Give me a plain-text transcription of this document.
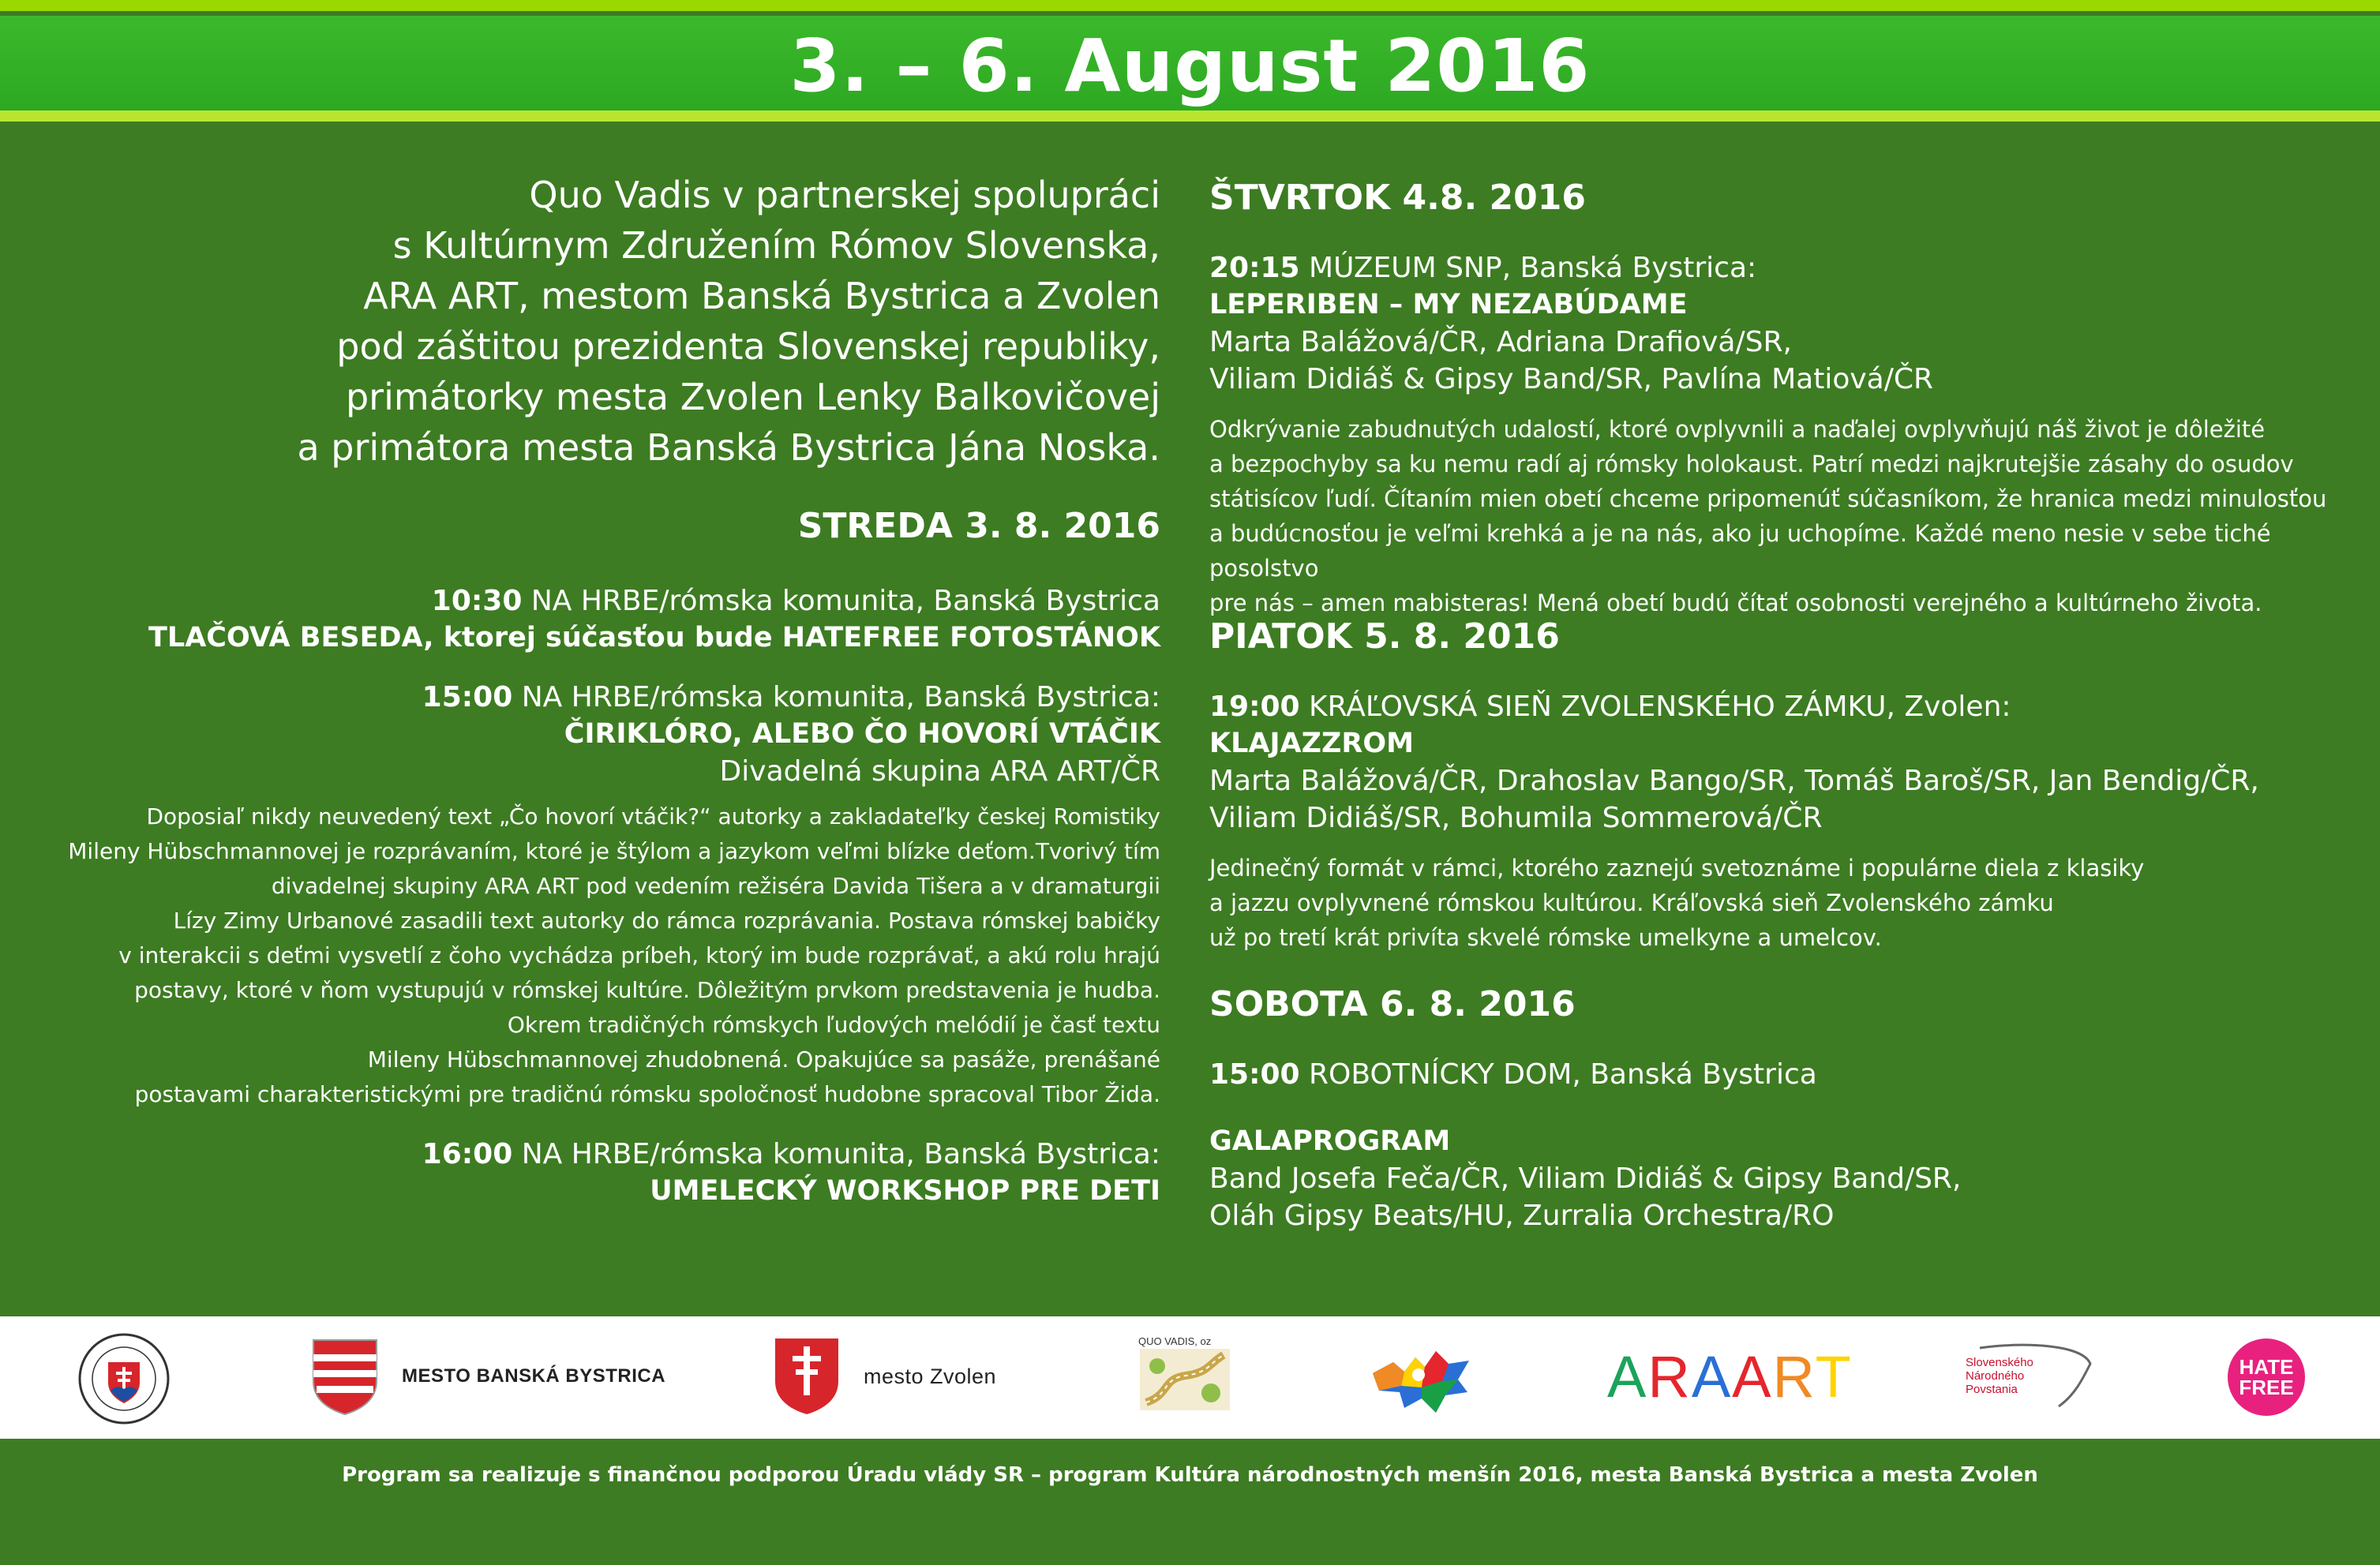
3. – 6. August 2016

Quo Vadis v partnerskej spolupráci

s Kultúrnym Združením Rómov Slovenska,

ARA ART, mestom Banská Bystrica a Zvolen

pod záštitou prezidenta Slovenskej republiky,

primátorky mesta Zvolen Lenky Balkovičovej

a primátora mesta Banská Bystrica Jána Noska.

STREDA 3. 8. 2016

10:30 NA HRBE/rómska komunita, Banská Bystrica

TLAČOVÁ BESEDA, ktorej súčasťou bude HATEFREE FOTOSTÁNOK

15:00 NA HRBE/rómska komunita, Banská Bystrica:

ČIRIKLÓRO, ALEBO ČO HOVORÍ VTÁČIK

Divadelná skupina ARA ART/ČR

Doposiaľ nikdy neuvedený text „Čo hovorí vtáčik?“ autorky a zakladateľky českej Romistiky

Mileny Hübschmannovej je rozprávaním, ktoré je štýlom a jazykom veľmi blízke deťom.Tvorivý tím

divadelnej skupiny ARA ART pod vedením režiséra Davida Tišera a v dramaturgii

Lízy Zimy Urbanové zasadili text autorky do rámca rozprávania. Postava rómskej babičky

v interakcii s deťmi vysvetlí z čoho vychádza príbeh, ktorý im bude rozprávať, a akú rolu hrajú

postavy, ktoré v ňom vystupujú v rómskej kultúre. Dôležitým prvkom predstavenia je hudba.

Okrem tradičných rómskych ľudových melódií je časť textu

Mileny Hübschmannovej zhudobnená. Opakujúce sa pasáže, prenášané

postavami charakteristickými pre tradičnú rómsku spoločnosť hudobne spracoval Tibor Žida.

16:00 NA HRBE/rómska komunita, Banská Bystrica:

UMELECKÝ WORKSHOP PRE DETI

ŠTVRTOK 4.8. 2016

20:15 MÚZEUM SNP, Banská Bystrica:

LEPERIBEN – MY NEZABÚDAME

Marta Balážová/ČR, Adriana Drafiová/SR,

Viliam Didiáš & Gipsy Band/SR, Pavlína Matiová/ČR

Odkrývanie zabudnutých udalostí, ktoré ovplyvnili a naďalej ovplyvňujú náš život je dôležité

a bezpochyby sa ku nemu radí aj rómsky holokaust. Patrí medzi najkrutejšie zásahy do osudov

státisícov ľudí. Čítaním mien obetí chceme pripomenúť súčasníkom, že hranica medzi minulosťou

a budúcnosťou je veľmi krehká a je na nás, ako ju uchopíme. Každé meno nesie v sebe tiché posolstvo

pre nás – amen mabisteras! Mená obetí budú čítať osobnosti verejného a kultúrneho života.

PIATOK 5. 8. 2016

19:00 KRÁĽOVSKÁ SIEŇ ZVOLENSKÉHO ZÁMKU, Zvolen:

KLAJAZZROM

Marta Balážová/ČR, Drahoslav Bango/SR, Tomáš Baroš/SR, Jan Bendig/ČR,

Viliam Didiáš/SR, Bohumila Sommerová/ČR

Jedinečný formát v rámci, ktorého zaznejú svetoznáme i populárne diela z klasiky

a jazzu ovplyvnené rómskou kultúrou. Kráľovská sieň Zvolenského zámku

už po tretí krát privíta skvelé rómske umelkyne a umelcov.

SOBOTA 6. 8. 2016

15:00 ROBOTNÍCKY DOM, Banská Bystrica

GALAPROGRAM

Band Josefa Feča/ČR, Viliam Didiáš & Gipsy Band/SR,

Oláh Gipsy Beats/HU, Zurralia Orchestra/RO

MESTO BANSKÁ BYSTRICA	mesto Zvolen
QUO VADIS, oz
ARAART	Slovenského
Národného
Povstania
HATE
FREE
Program sa realizuje s finančnou podporou Úradu vlády SR – program Kultúra národnostných menšín 2016, mesta Banská Bystrica a mesta Zvolen
